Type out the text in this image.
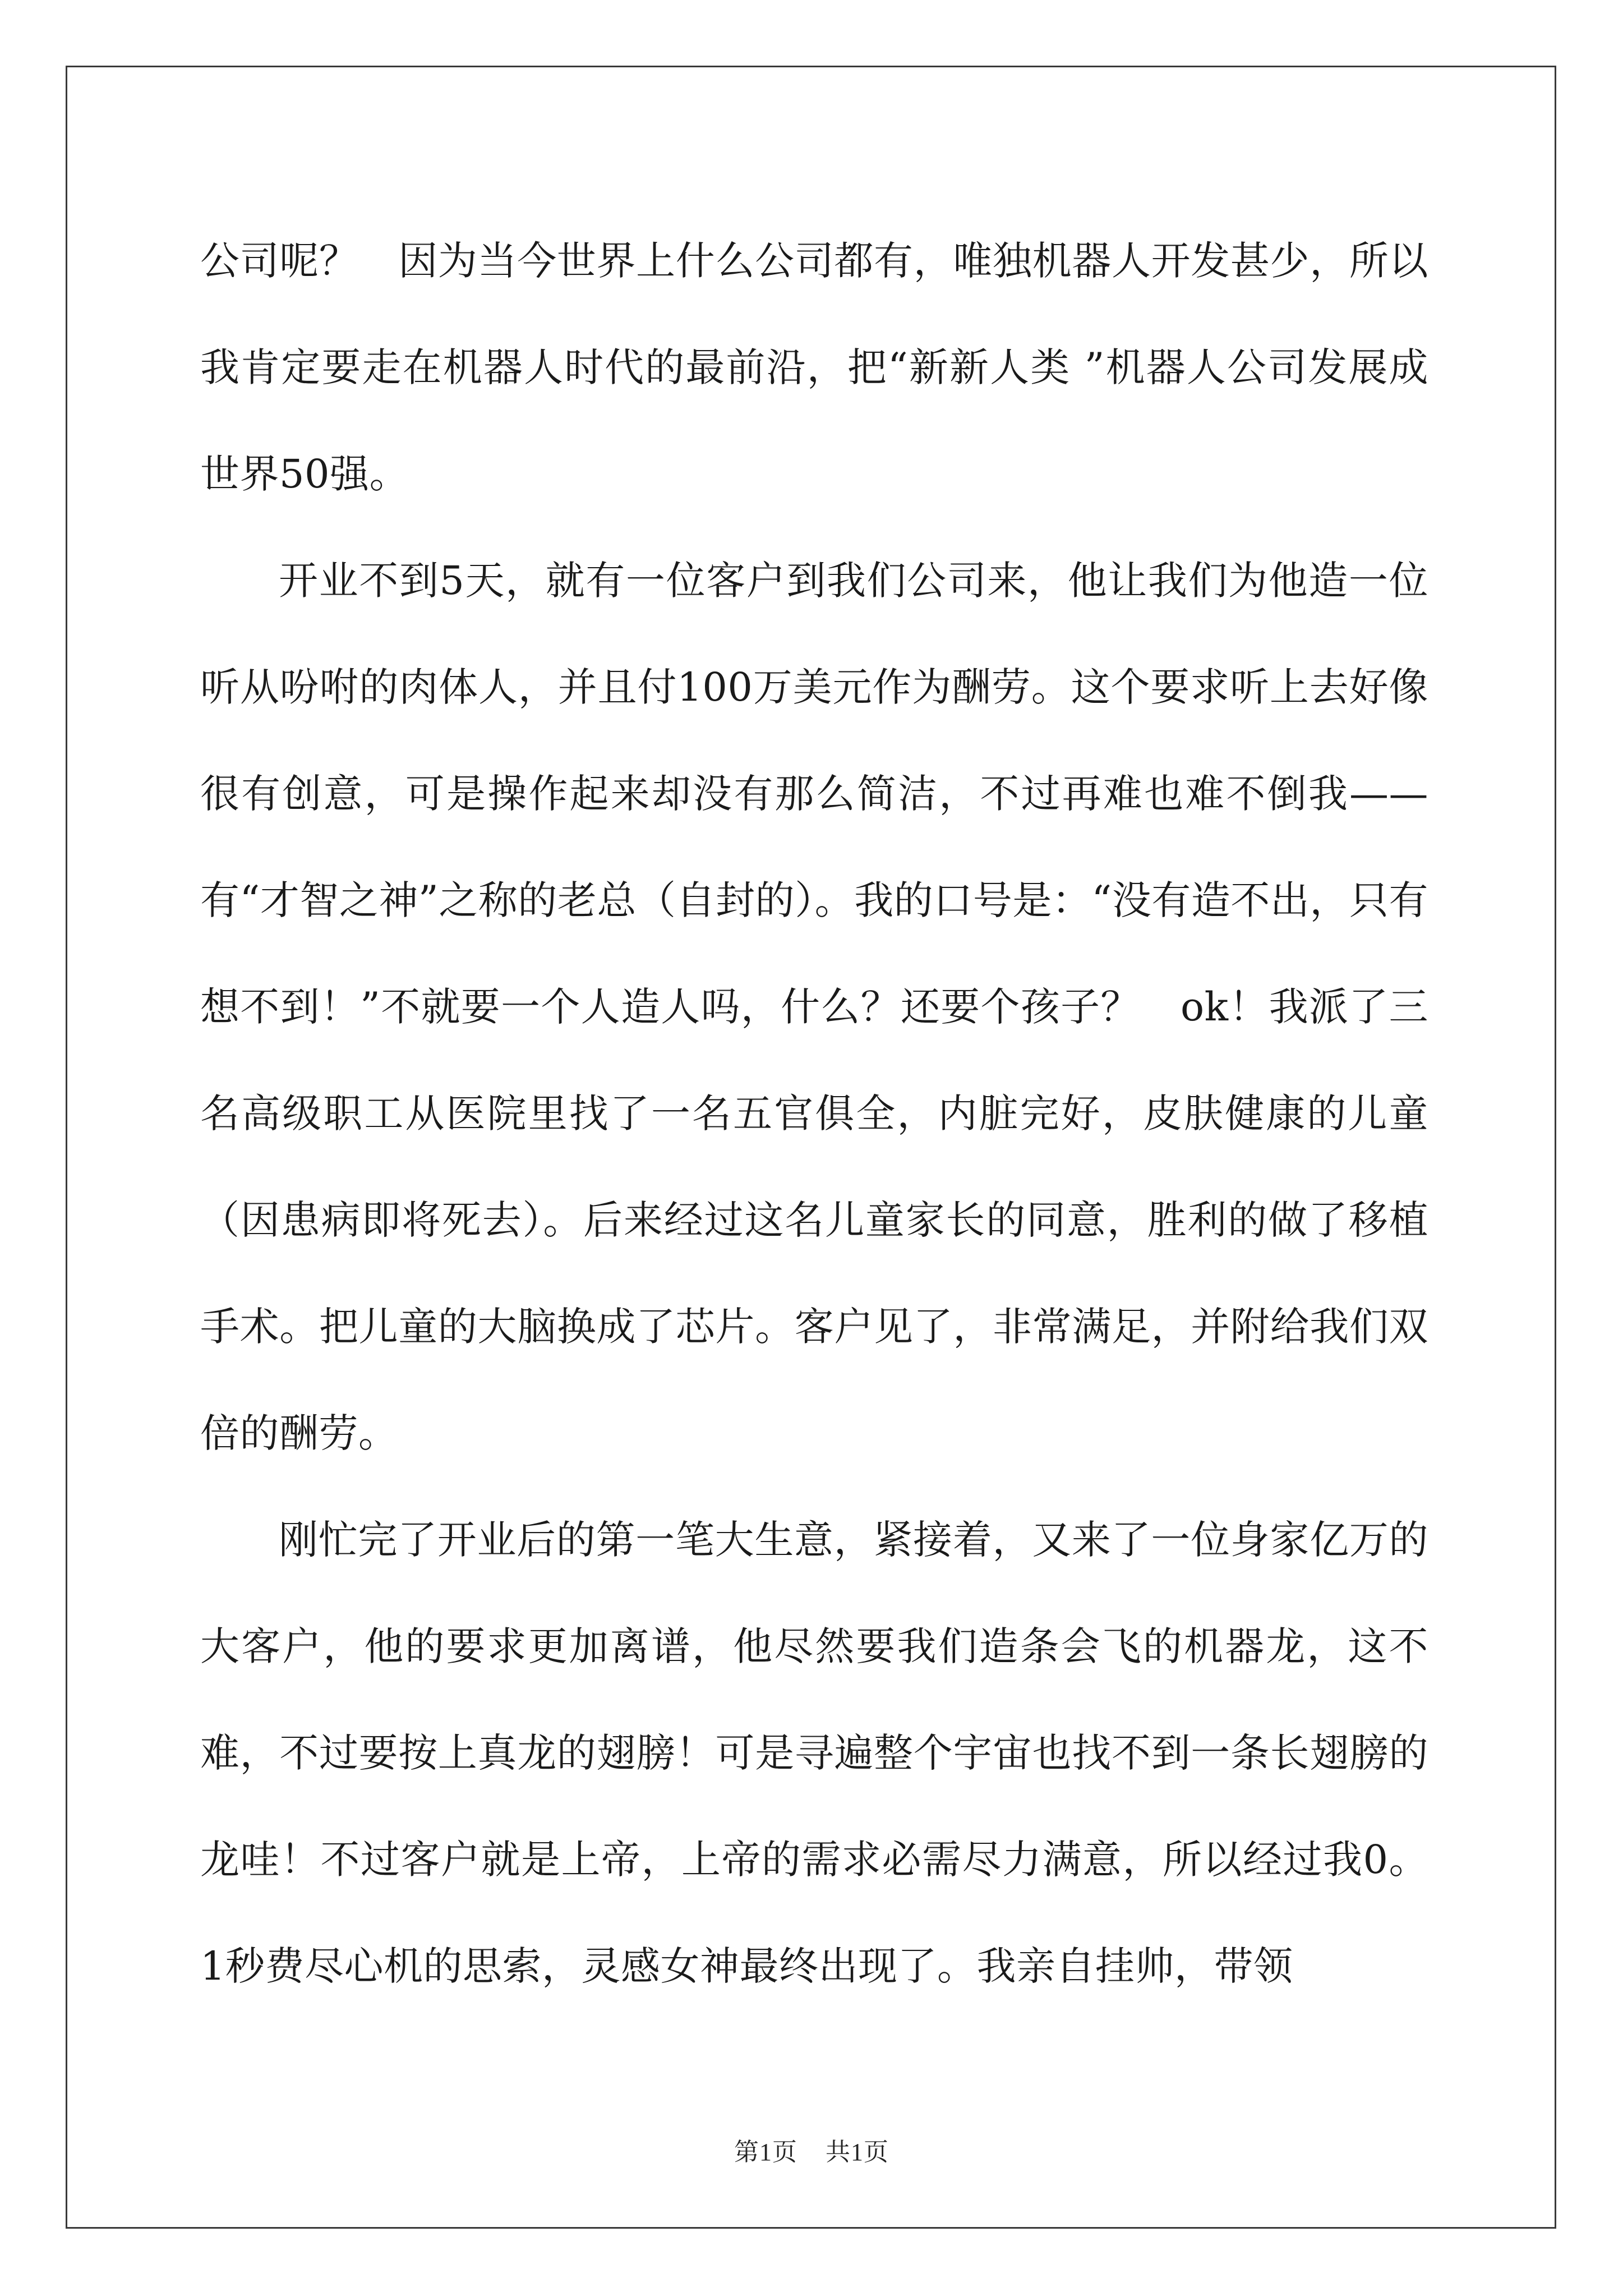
公司呢？　因为当今世界上什么公司都有，唯独机器人开发甚少，所以我肯定要走在机器人时代的最前沿，把“新新人类 ”机器人公司发展成世界50强。

开业不到5天，就有一位客户到我们公司来，他让我们为他造一位听从吩咐的肉体人，并且付100万美元作为酬劳。这个要求听上去好像很有创意，可是操作起来却没有那么简洁，不过再难也难不倒我——有“才智之神”之称的老总（自封的）。我的口号是：“没有造不出，只有想不到！”不就要一个人造人吗，什么？还要个孩子？　ok！我派了三名高级职工从医院里找了一名五官俱全，内脏完好，皮肤健康的儿童（因患病即将死去）。后来经过这名儿童家长的同意，胜利的做了移植手术。把儿童的大脑换成了芯片。客户见了，非常满足，并附给我们双倍的酬劳。

刚忙完了开业后的第一笔大生意，紧接着，又来了一位身家亿万的大客户，他的要求更加离谱，他尽然要我们造条会飞的机器龙，这不难，不过要按上真龙的翅膀！可是寻遍整个宇宙也找不到一条长翅膀的龙哇！不过客户就是上帝，上帝的需求必需尽力满意，所以经过我0。1秒费尽心机的思索，灵感女神最终出现了。我亲自挂帅，带领

第1页 共1页
